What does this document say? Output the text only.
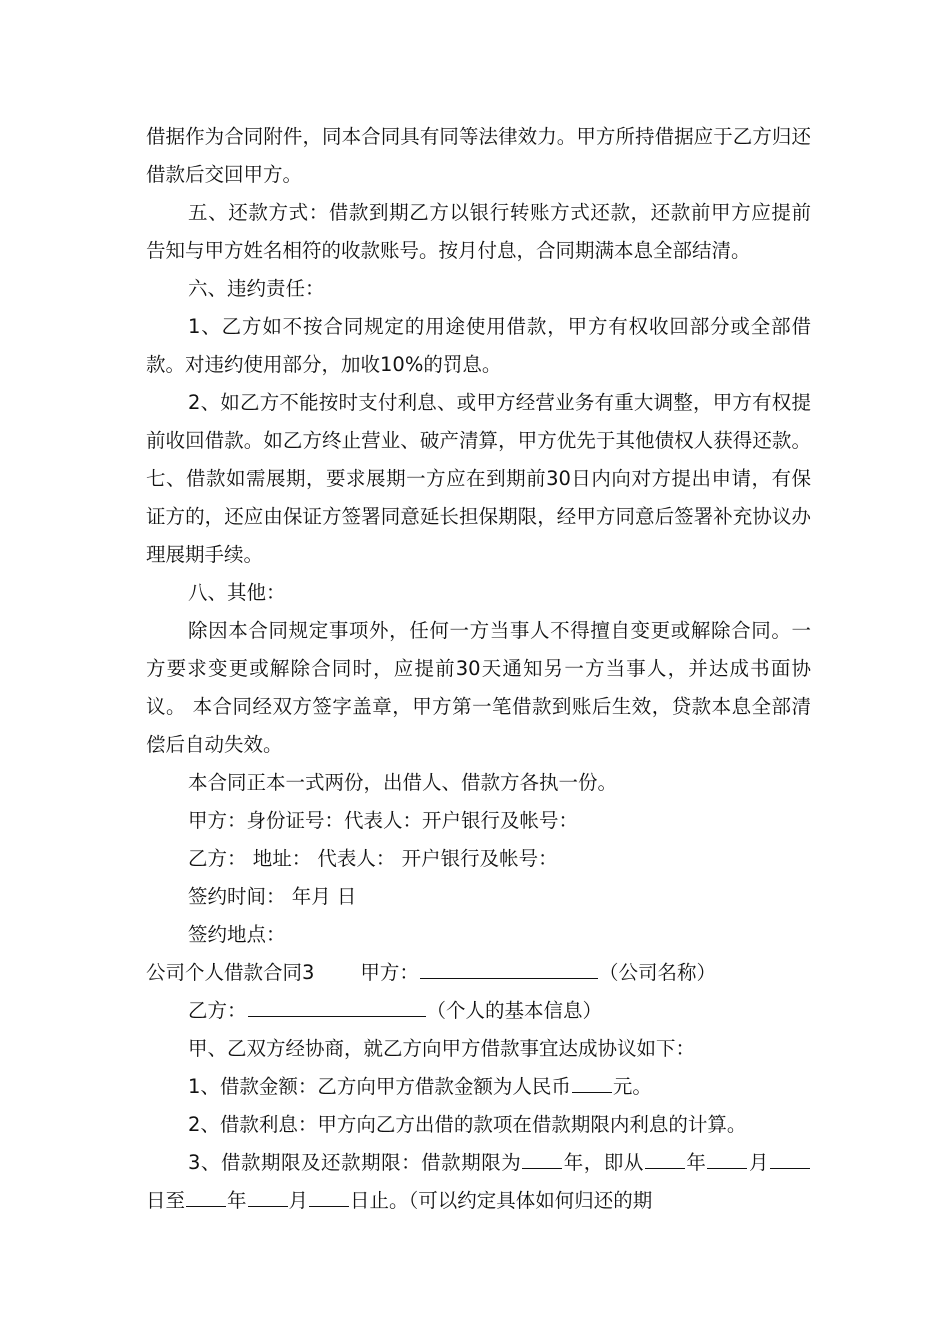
借据作为合同附件，同本合同具有同等法律效力。甲方所持借据应于乙方归还借款后交回甲方。

五、还款方式：借款到期乙方以银行转账方式还款，还款前甲方应提前告知与甲方姓名相符的收款账号。按月付息，合同期满本息全部结清。

六、违约责任：

1、乙方如不按合同规定的用途使用借款，甲方有权收回部分或全部借款。对违约使用部分，加收10%的罚息。

2、如乙方不能按时支付利息、或甲方经营业务有重大调整，甲方有权提前收回借款。如乙方终止营业、破产清算，甲方优先于其他债权人获得还款。 七、借款如需展期，要求展期一方应在到期前30日内向对方提出申请，有保证方的，还应由保证方签署同意延长担保期限，经甲方同意后签署补充协议办理展期手续。

八、其他：

除因本合同规定事项外，任何一方当事人不得擅自变更或解除合同。一方要求变更或解除合同时，应提前30天通知另一方当事人，并达成书面协议。 本合同经双方签字盖章，甲方第一笔借款到账后生效，贷款本息全部清偿后自动失效。

本合同正本一式两份，出借人、借款方各执一份。

甲方：身份证号：代表人：开户银行及帐号：

乙方： 地址： 代表人： 开户银行及帐号：

签约时间： 年月 日

签约地点：

公司个人借款合同3 甲方：	（公司名称）

乙方：	（个人的基本信息）

甲、乙双方经协商，就乙方向甲方借款事宜达成协议如下：

1、借款金额：乙方向甲方借款金额为人民币 元。

2、借款利息：甲方向乙方出借的款项在借款期限内利息的计算。

3、借款期限及还款期限：借款期限为 年，即从 年 月日至 年 月 日止。（可以约定具体如何归还的期
